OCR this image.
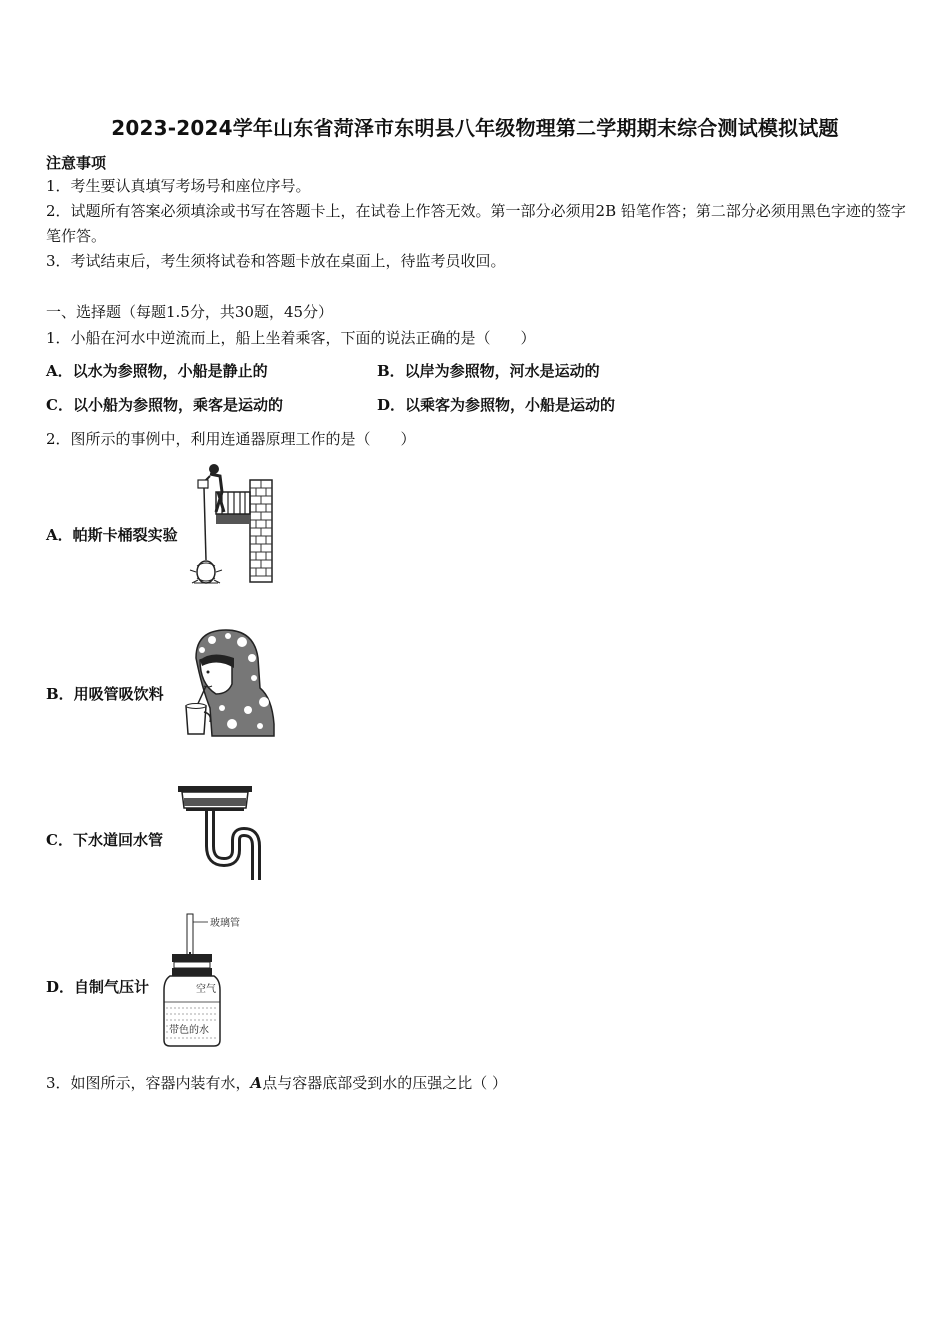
2023-2024学年山东省菏泽市东明县八年级物理第二学期期末综合测试模拟试题
注意事项
1．考生要认真填写考场号和座位序号。
2．试题所有答案必须填涂或书写在答题卡上，在试卷上作答无效。第一部分必须用2B 铅笔作答；第二部分必须用黑色字迹的签字笔作答。
3．考试结束后，考生须将试卷和答题卡放在桌面上，待监考员收回。
一、选择题（每题1.5分，共30题，45分）
1．小船在河水中逆流而上，船上坐着乘客，下面的说法正确的是（　　）
A．以水为参照物，小船是静止的	B．以岸为参照物，河水是运动的
C．以小船为参照物，乘客是运动的	D．以乘客为参照物，小船是运动的
2．图所示的事例中，利用连通器原理工作的是（　　）
A．帕斯卡桶裂实验
B．用吸管吸饮料
C．下水道回水管
D．自制气压计
玻璃管
空气
带色的水
3．如图所示，容器内装有水，A点与容器底部受到水的压强之比（ ）
